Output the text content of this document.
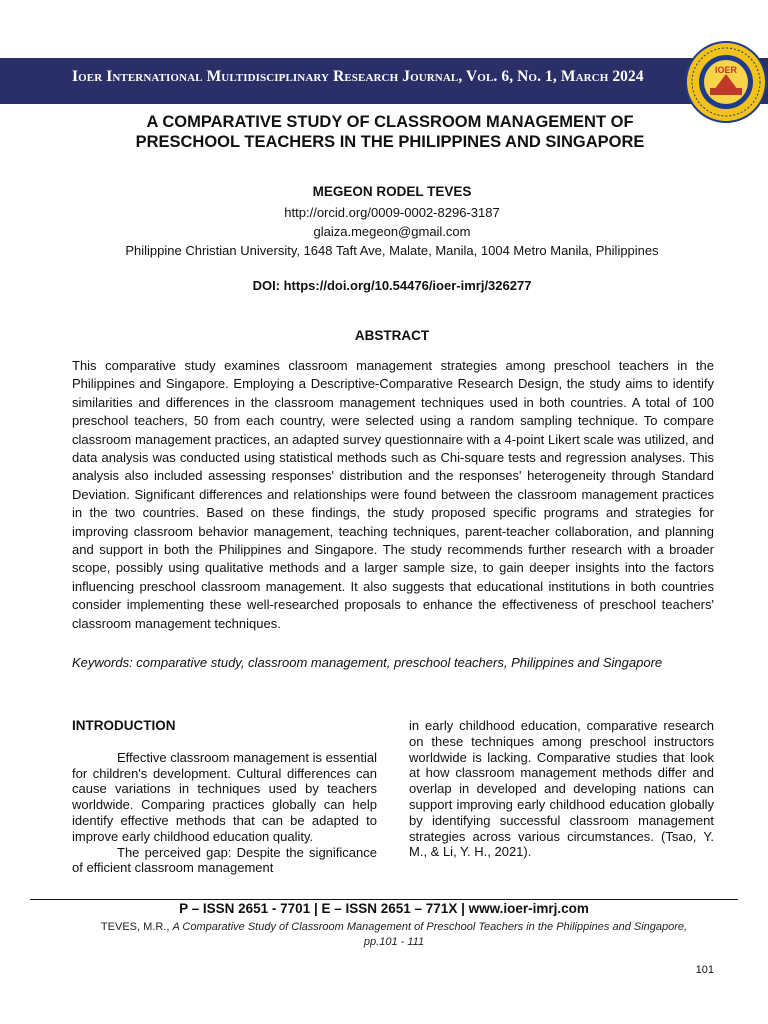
Ioer International Multidisciplinary Research Journal, Vol. 6, No. 1, March 2024	IOER
A COMPARATIVE STUDY OF CLASSROOM MANAGEMENT OF
PRESCHOOL TEACHERS IN THE PHILIPPINES AND SINGAPORE
MEGEON RODEL TEVES
http://orcid.org/0009-0002-8296-3187
glaiza.megeon@gmail.com
Philippine Christian University, 1648 Taft Ave, Malate, Manila, 1004 Metro Manila, Philippines
DOI: https://doi.org/10.54476/ioer-imrj/326277
ABSTRACT
This comparative study examines classroom management strategies among preschool teachers in the Philippines and Singapore. Employing a Descriptive-Comparative Research Design, the study aims to identify similarities and differences in the classroom management techniques used in both countries. A total of 100 preschool teachers, 50 from each country, were selected using a random sampling technique. To compare classroom management practices, an adapted survey questionnaire with a 4-point Likert scale was utilized, and data analysis was conducted using statistical methods such as Chi-square tests and regression analyses. This analysis also included assessing responses' distribution and the responses' heterogeneity through Standard Deviation. Significant differences and relationships were found between the classroom management practices in the two countries. Based on these findings, the study proposed specific programs and strategies for improving classroom behavior management, teaching techniques, parent-teacher collaboration, and planning and support in both the Philippines and Singapore. The study recommends further research with a broader scope, possibly using qualitative methods and a larger sample size, to gain deeper insights into the factors influencing preschool classroom management. It also suggests that educational institutions in both countries consider implementing these well-researched proposals to enhance the effectiveness of preschool teachers' classroom management techniques.
Keywords: comparative study, classroom management, preschool teachers, Philippines and Singapore
INTRODUCTION

Effective classroom management is essential for children's development. Cultural differences can cause variations in techniques used by teachers worldwide. Comparing practices globally can help identify effective methods that can be adapted to improve early childhood education quality.

The perceived gap: Despite the significance of efficient classroom management

in early childhood education, comparative research on these techniques among preschool instructors worldwide is lacking. Comparative studies that look at how classroom management methods differ and overlap in developed and developing nations can support improving early childhood education globally by identifying successful classroom management strategies across various circumstances. (Tsao, Y. M., & Li, Y. H., 2021).

P – ISSN 2651 - 7701 | E – ISSN 2651 – 771X | www.ioer-imrj.com
TEVES, M.R., A Comparative Study of Classroom Management of Preschool Teachers in the Philippines and Singapore,
pp.101 - 111
101
